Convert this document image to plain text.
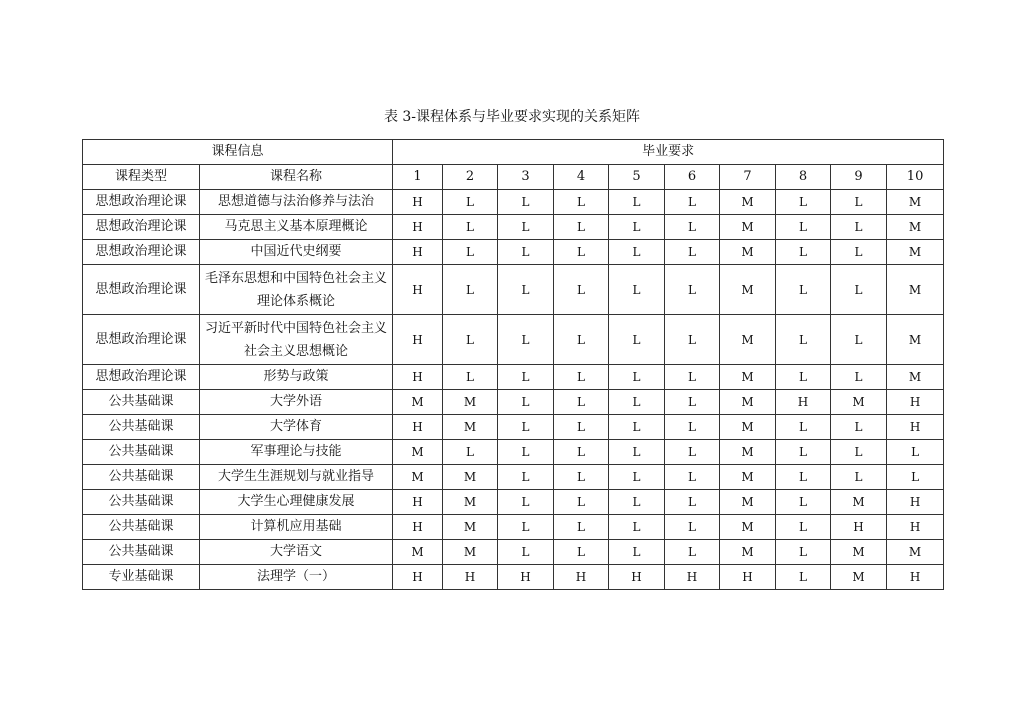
表 3-课程体系与毕业要求实现的关系矩阵
课程信息		毕业要求									
课程类型	课程名称	1	2	3	4	5	6	7	8	9	10
思想政治理论课	思想道德与法治修养与法治	H	L	L	L	L	L	M	L	L	M
思想政治理论课	马克思主义基本原理概论	H	L	L	L	L	L	M	L	L	M
思想政治理论课	中国近代史纲要	H	L	L	L	L	L	M	L	L	M
思想政治理论课	毛泽东思想和中国特色社会主义理论体系概论	H	L	L	L	L	L	M	L	L	M
思想政治理论课	习近平新时代中国特色社会主义社会主义思想概论	H	L	L	L	L	L	M	L	L	M
思想政治理论课	形势与政策	H	L	L	L	L	L	M	L	L	M
公共基础课	大学外语	M	M	L	L	L	L	M	H	M	H
公共基础课	大学体育	H	M	L	L	L	L	M	L	L	H
公共基础课	军事理论与技能	M	L	L	L	L	L	M	L	L	L
公共基础课	大学生生涯规划与就业指导	M	M	L	L	L	L	M	L	L	L
公共基础课	大学生心理健康发展	H	M	L	L	L	L	M	L	M	H
公共基础课	计算机应用基础	H	M	L	L	L	L	M	L	H	H
公共基础课	大学语文	M	M	L	L	L	L	M	L	M	M
专业基础课	法理学（一）	H	H	H	H	H	H	H	L	M	H
